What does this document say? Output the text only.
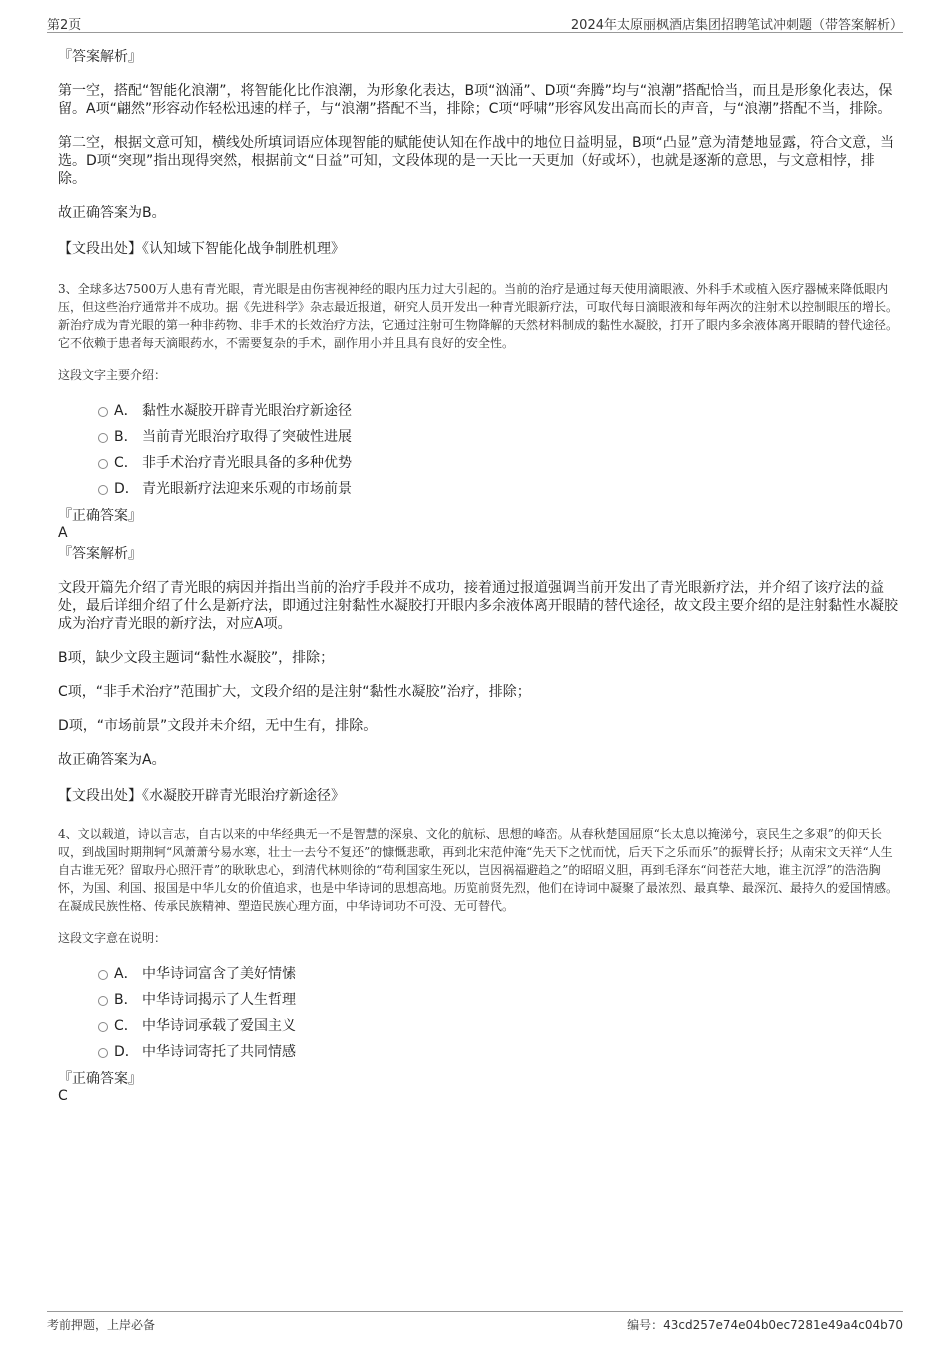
第2页	2024年太原丽枫酒店集团招聘笔试冲刺题（带答案解析）

『答案解析』

第一空，搭配“智能化浪潮”，将智能化比作浪潮，为形象化表达，B项“汹涌”、D项“奔腾”均与“浪潮”搭配恰当，而且是形象化表达，保留。A项“翩然”形容动作轻松迅速的样子，与“浪潮”搭配不当，排除；C项“呼啸”形容风发出高而长的声音，与“浪潮”搭配不当，排除。

第二空，根据文意可知，横线处所填词语应体现智能的赋能使认知在作战中的地位日益明显，B项“凸显”意为清楚地显露，符合文意，当选。D项“突现”指出现得突然，根据前文“日益”可知，文段体现的是一天比一天更加（好或坏），也就是逐渐的意思，与文意相悖，排除。

故正确答案为B。

【文段出处】《认知域下智能化战争制胜机理》

3、全球多达7500万人患有青光眼，青光眼是由伤害视神经的眼内压力过大引起的。当前的治疗是通过每天使用滴眼液、外科手术或植入医疗器械来降低眼内压，但这些治疗通常并不成功。据《先进科学》杂志最近报道，研究人员开发出一种青光眼新疗法，可取代每日滴眼液和每年两次的注射术以控制眼压的增长。新治疗成为青光眼的第一种非药物、非手术的长效治疗方法，它通过注射可生物降解的天然材料制成的黏性水凝胶，打开了眼内多余液体离开眼睛的替代途径。它不依赖于患者每天滴眼药水，不需要复杂的手术，副作用小并且具有良好的安全性。

这段文字主要介绍：

A． 黏性水凝胶开辟青光眼治疗新途径
B． 当前青光眼治疗取得了突破性进展
C． 非手术治疗青光眼具备的多种优势
D． 青光眼新疗法迎来乐观的市场前景

『正确答案』

A

『答案解析』

文段开篇先介绍了青光眼的病因并指出当前的治疗手段并不成功，接着通过报道强调当前开发出了青光眼新疗法，并介绍了该疗法的益处，最后详细介绍了什么是新疗法，即通过注射黏性水凝胶打开眼内多余液体离开眼睛的替代途径，故文段主要介绍的是注射黏性水凝胶成为治疗青光眼的新疗法，对应A项。

B项，缺少文段主题词“黏性水凝胶”，排除；

C项，“非手术治疗”范围扩大，文段介绍的是注射“黏性水凝胶”治疗，排除；

D项，“市场前景”文段并未介绍，无中生有，排除。

故正确答案为A。

【文段出处】《水凝胶开辟青光眼治疗新途径》

4、文以载道，诗以言志，自古以来的中华经典无一不是智慧的深泉、文化的航标、思想的峰峦。从春秋楚国屈原“长太息以掩涕兮，哀民生之多艰”的仰天长叹，到战国时期荆轲“风萧萧兮易水寒，壮士一去兮不复还”的慷慨悲歌，再到北宋范仲淹“先天下之忧而忧，后天下之乐而乐”的振臂长抒；从南宋文天祥“人生自古谁无死？留取丹心照汗青”的耿耿忠心，到清代林则徐的“苟利国家生死以，岂因祸福避趋之”的昭昭义胆，再到毛泽东“问苍茫大地，谁主沉浮”的浩浩胸怀，为国、利国、报国是中华儿女的价值追求，也是中华诗词的思想高地。历览前贤先烈，他们在诗词中凝聚了最浓烈、最真挚、最深沉、最持久的爱国情感。在凝成民族性格、传承民族精神、塑造民族心理方面，中华诗词功不可没、无可替代。

这段文字意在说明：

A． 中华诗词富含了美好情愫
B． 中华诗词揭示了人生哲理
C． 中华诗词承载了爱国主义
D． 中华诗词寄托了共同情感

『正确答案』

C

考前押题，上岸必备	编号：43cd257e74e04b0ec7281e49a4c04b70
